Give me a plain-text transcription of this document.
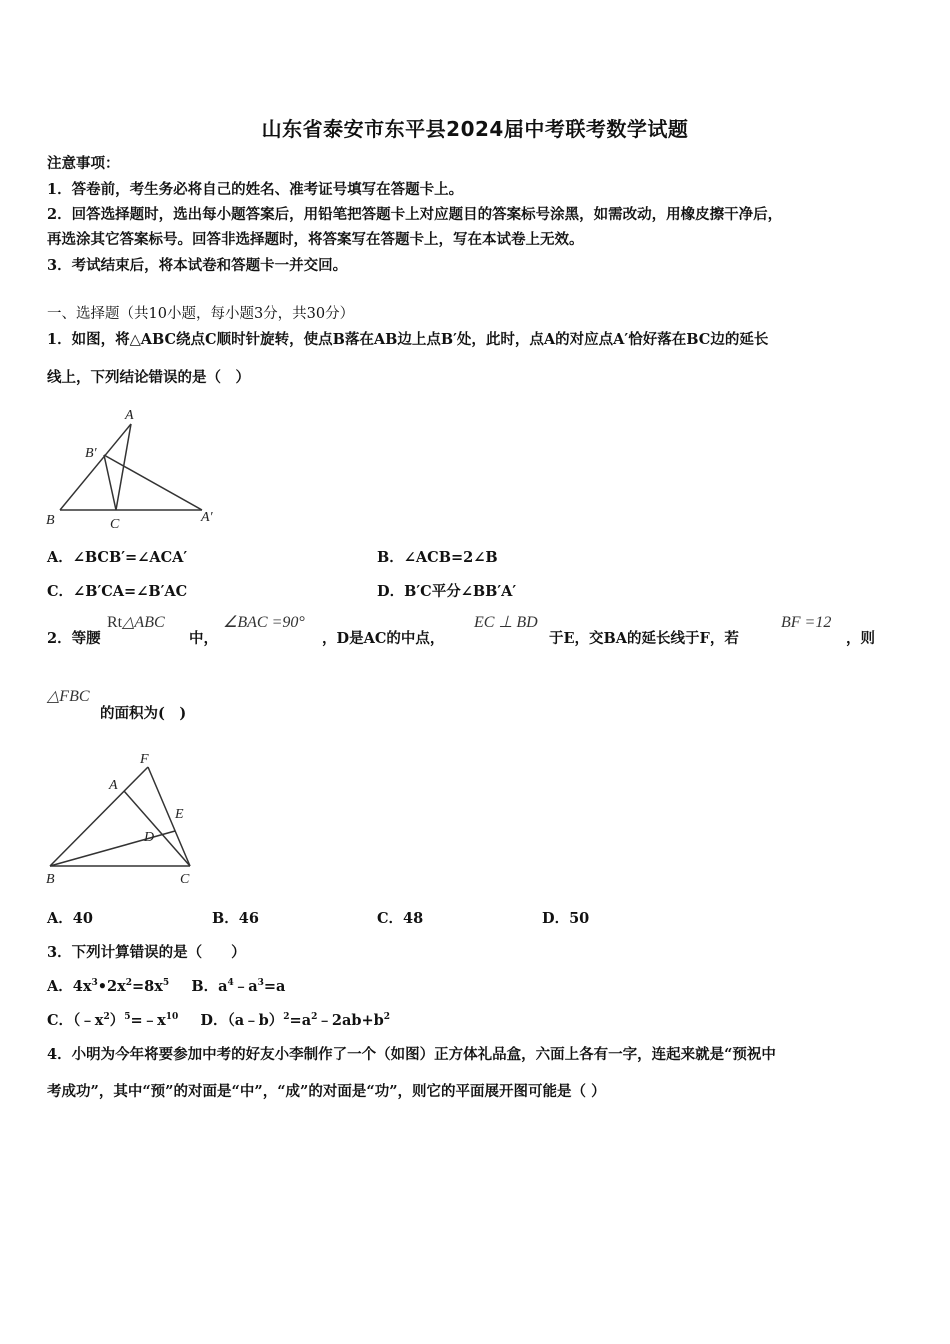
山东省泰安市东平县2024届中考联考数学试题
注意事项：
1．答卷前，考生务必将自己的姓名、准考证号填写在答题卡上。
2．回答选择题时，选出每小题答案后，用铅笔把答题卡上对应题目的答案标号涂黑，如需改动，用橡皮擦干净后，
再选涂其它答案标号。回答非选择题时，将答案写在答题卡上，写在本试卷上无效。
3．考试结束后，将本试卷和答题卡一并交回。
一、选择题（共10小题，每小题3分，共30分）
1．如图，将△ABC绕点C顺时针旋转，使点B落在AB边上点B′处，此时，点A的对应点A′恰好落在BC边的延长
线上，下列结论错误的是（　）
A
B′
B	C	A′
A．∠BCB′=∠ACA′	B．∠ACB=2∠B
C．∠B′CA=∠B′AC	D．B′C平分∠BB′A′
2．等腰
Rt△ABC
中，
∠BAC =90°
，D是AC的中点，
EC ⊥ BD
于E，交BA的延长线于F，若
BF =12
，则
△FBC
的面积为(　)
F
A
E
D
B	C
A．40	B．46	C．48	D．50
3．下列计算错误的是（　　）
A．$4x^3•2x^2=8x^5$ B．$a^4﹣a^3=a$
C．$(﹣x^2)^5=﹣x^{10}$ D．$(a﹣b)^2=a^2﹣2ab+b^2$
4．小明为今年将要参加中考的好友小李制作了一个（如图）正方体礼品盒，六面上各有一字，连起来就是“预祝中
考成功”，其中“预”的对面是“中”，“成”的对面是“功”，则它的平面展开图可能是（ ）
